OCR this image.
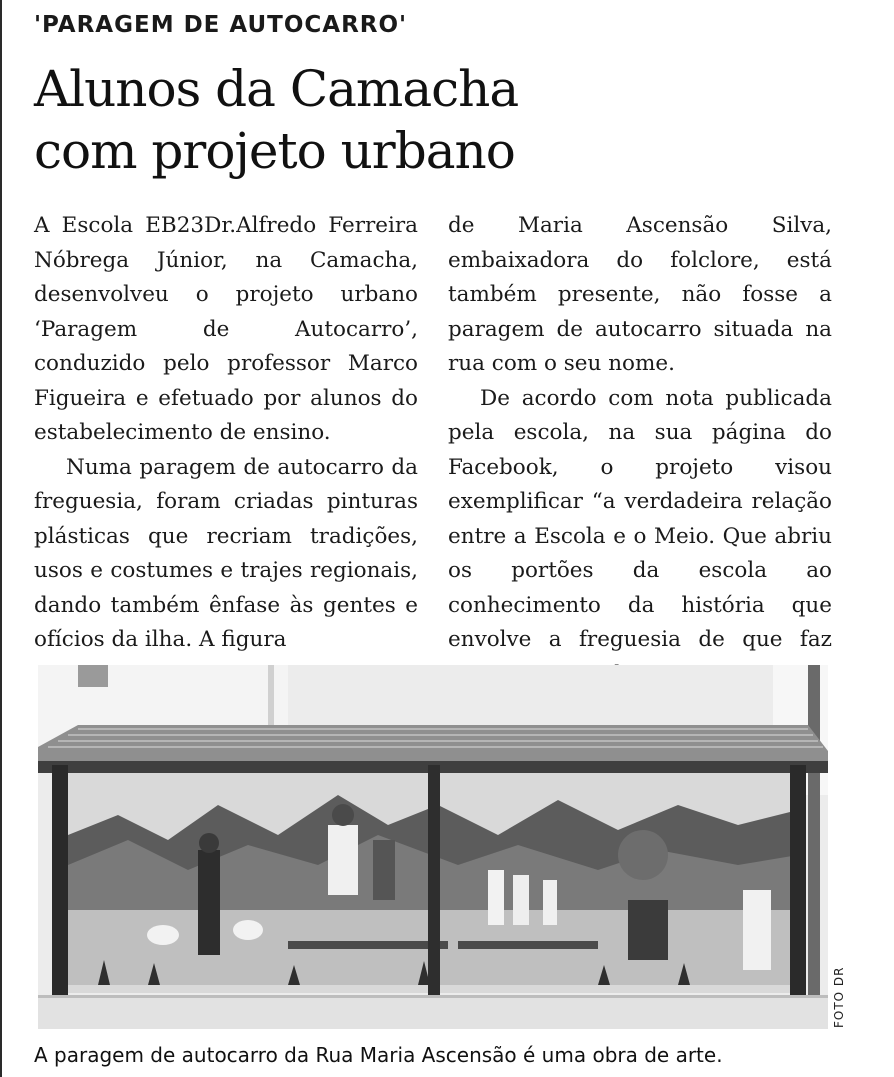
'PARAGEM DE AUTOCARRO'
Alunos da Camacha
com projeto urbano

A Escola EB23Dr.Alfredo Ferreira Nóbrega Júnior, na Camacha, desenvolveu o projeto urbano ‘Paragem de Autocarro’, conduzido pelo professor Marco Figueira e efetuado por alunos do estabelecimento de ensino.

Numa paragem de autocarro da freguesia, foram criadas pinturas plásticas que recriam tradições, usos e costumes e trajes regionais, dando também ênfase às gentes e ofícios da ilha. A figura

de Maria Ascensão Silva, embaixadora do folclore, está também presente, não fosse a paragem de autocarro situada na rua com o seu nome.

De acordo com nota publicada pela escola, na sua página do Facebook, o projeto visou exemplificar “a verdadeira relação entre a Escola e o Meio. Que abriu os portões da escola ao conhecimento da história que envolve a freguesia de que faz

FOTO DR
A paragem de autocarro da Rua Maria Ascensão é uma obra de arte.
